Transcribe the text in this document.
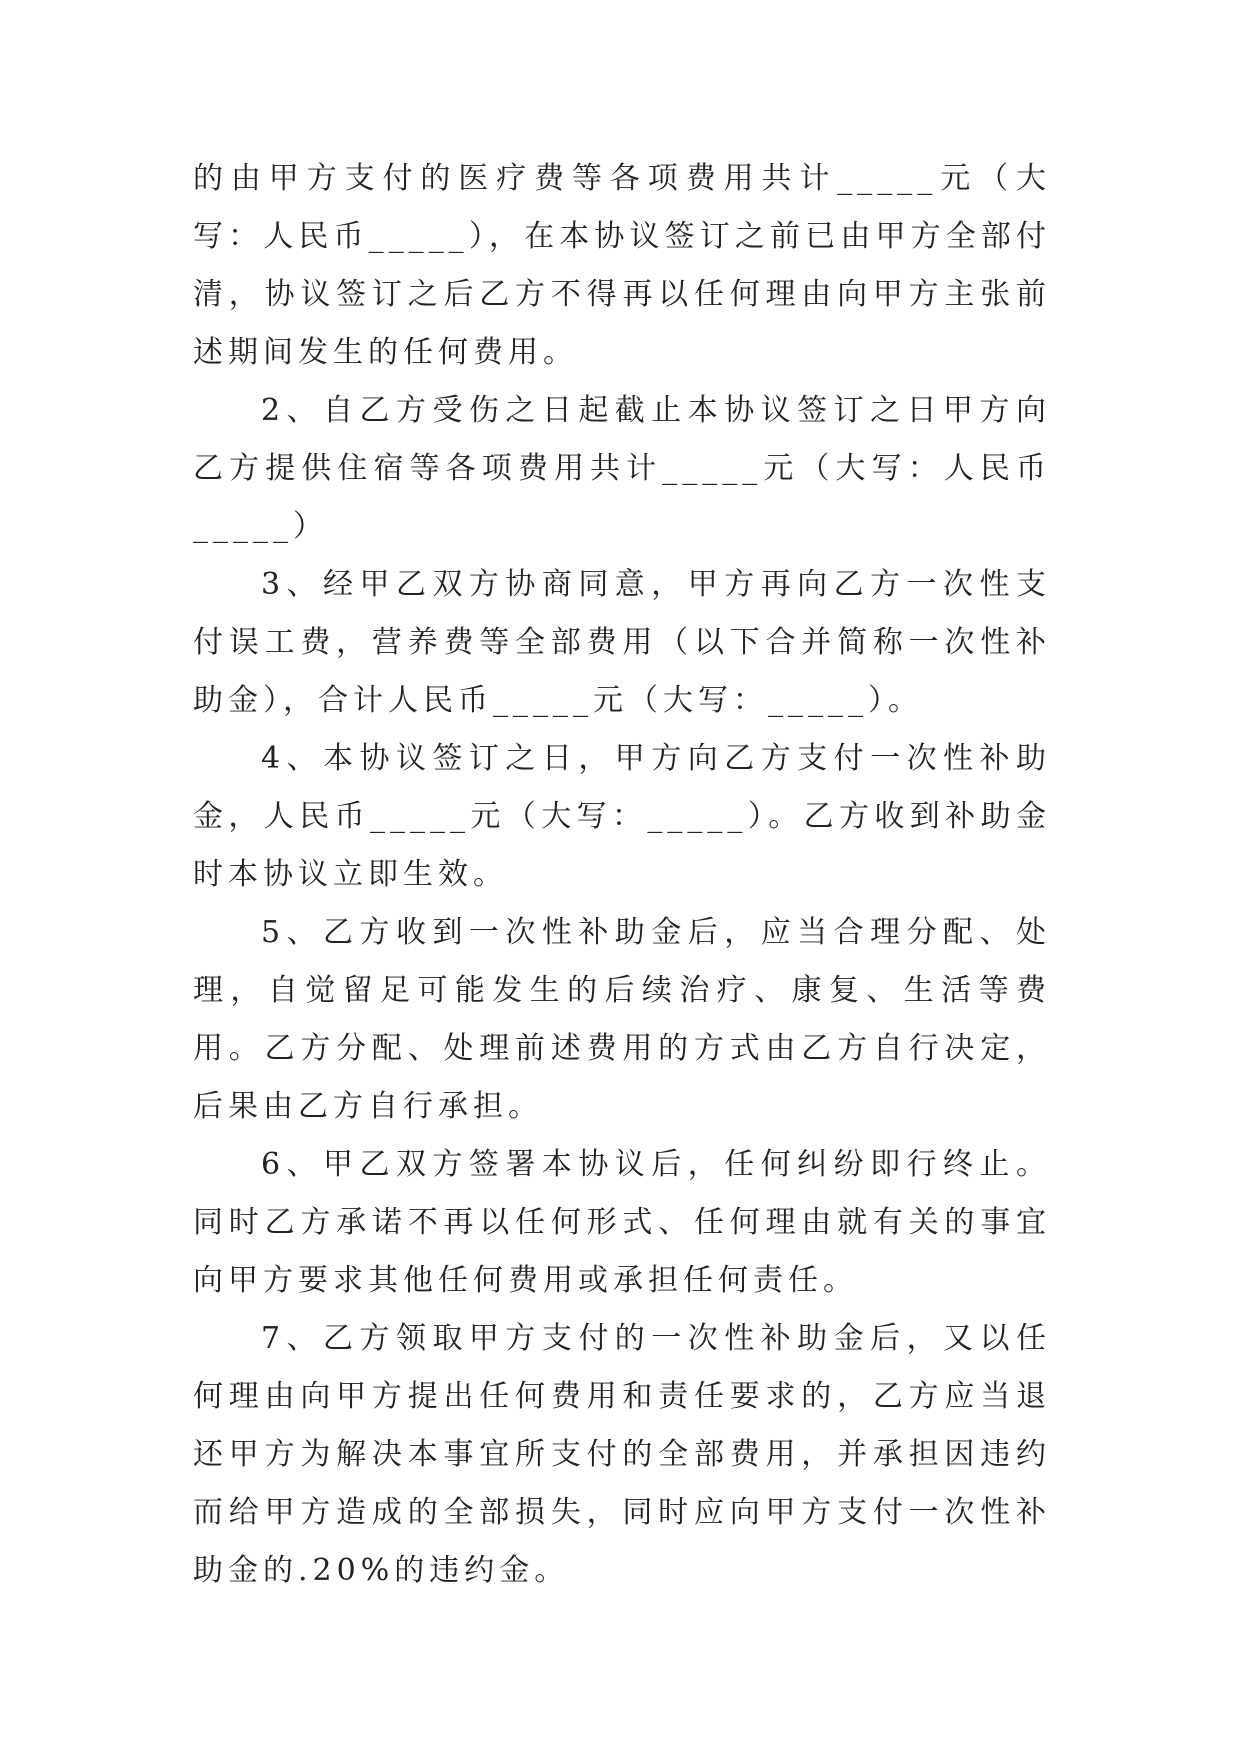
的由甲方支付的医疗费等各项费用共计_____元（大写：人民币_____），在本协议签订之前已由甲方全部付清，协议签订之后乙方不得再以任何理由向甲方主张前述期间发生的任何费用。

2、自乙方受伤之日起截止本协议签订之日甲方向乙方提供住宿等各项费用共计_____元（大写：人民币_____）

3、经甲乙双方协商同意，甲方再向乙方一次性支付误工费，营养费等全部费用（以下合并简称一次性补助金），合计人民币_____元（大写：_____）。

4、本协议签订之日，甲方向乙方支付一次性补助金，人民币_____元（大写：_____）。乙方收到补助金时本协议立即生效。

5、乙方收到一次性补助金后，应当合理分配、处理，自觉留足可能发生的后续治疗、康复、生活等费用。乙方分配、处理前述费用的方式由乙方自行决定，后果由乙方自行承担。

6、甲乙双方签署本协议后，任何纠纷即行终止。同时乙方承诺不再以任何形式、任何理由就有关的事宜向甲方要求其他任何费用或承担任何责任。

7、乙方领取甲方支付的一次性补助金后，又以任何理由向甲方提出任何费用和责任要求的，乙方应当退还甲方为解决本事宜所支付的全部费用，并承担因违约而给甲方造成的全部损失，同时应向甲方支付一次性补助金的.20%的违约金。
